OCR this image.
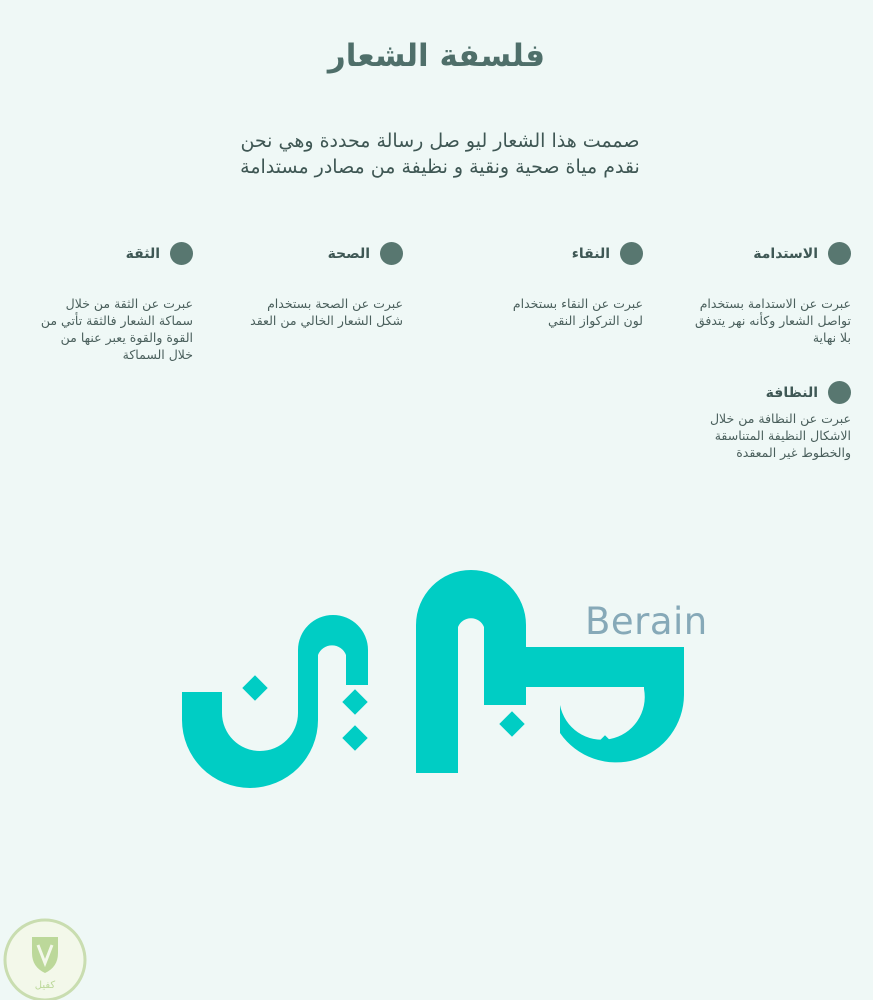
فلسفة الشعار
صممت هذا الشعار ليو صل رسالة محددة وهي نحن
نقدم مياة صحية ونقية و نظيفة من مصادر مستدامة
الاستدامة
عبرت عن الاستدامة بستخدام
تواصل الشعار وكأنه نهر يتدفق
بلا نهاية
النقاء
عبرت عن النقاء بستخدام
لون التركواز النقي
الصحة
عبرت عن الصحة بستخدام
شكل الشعار الخالي من العقد
الثقة
عبرت عن الثقة من خلال
سماكة الشعار فالثقة تأتي من
القوة والقوة يعبر عنها من
خلال السماكة
النظافة
عبرت عن النظافة من خلال
الاشكال النظيفة المتناسقة
والخطوط غير المعقدة
Berain
كفيل
